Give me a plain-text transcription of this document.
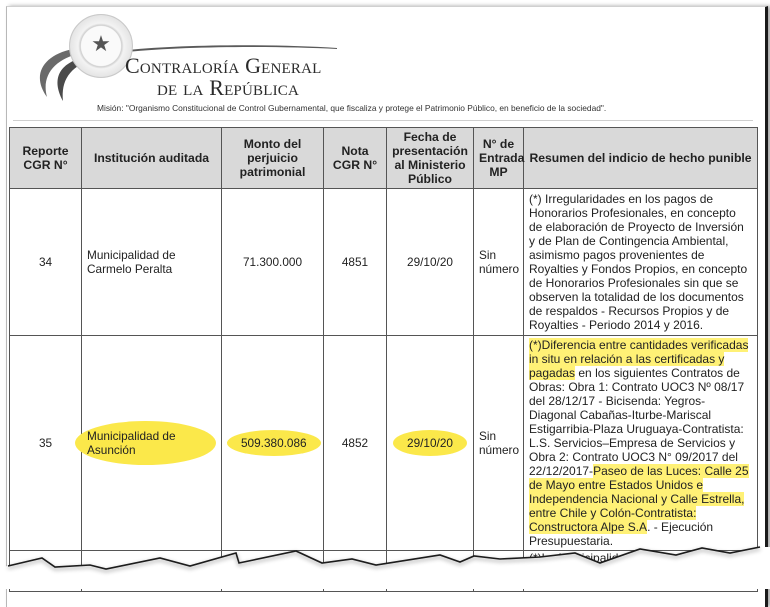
★
Contraloría General
de la República
Misión: "Organismo Constitucional de Control Gubernamental, que fiscaliza y protege el Patrimonio Público, en beneficio de la sociedad".
Reporte CGR N°	Institución auditada	Monto del perjuicio patrimonial	Nota CGR N°	Fecha de presentación al Ministerio Público	N° de Entrada MP	Resumen del indicio de hecho punible
34	Municipalidad de Carmelo Peralta	71.300.000	4851	29/10/20	Sin número	(*) Irregularidades en los pagos de Honorarios Profesionales, en concepto de elaboración de Proyecto de Inversión y de Plan de Contingencia Ambiental, asimismo pagos provenientes de Royalties y Fondos Propios, en concepto de Honorarios Profesionales sin que se observen la totalidad de los documentos de respaldos - Recursos Propios y de Royalties - Periodo 2014 y 2016.
35	Municipalidad de Asunción	509.380.086	4852	29/10/20	Sin número	(*)Diferencia entre cantidades verificadas in situ en relación a las certificadas y pagadas en los siguientes Contratos de Obras: Obra 1: Contrato UOC3 Nº 08/17 del 28/12/17 - Bicisenda: Yegros-Diagonal Cabañas-Iturbe-Mariscal Estigarribia-Plaza Uruguaya-Contratista: L.S. Servicios–Empresa de Servicios y Obra 2: Contrato UOC3 N° 09/2017 del 22/12/2017-Paseo de las Luces: Calle 25 de Mayo entre Estados Unidos e Independencia Nacional y Calle Estrella, entre Chile y Colón-Contratista: Constructora Alpe S.A. - Ejecución Presupuestaria.
